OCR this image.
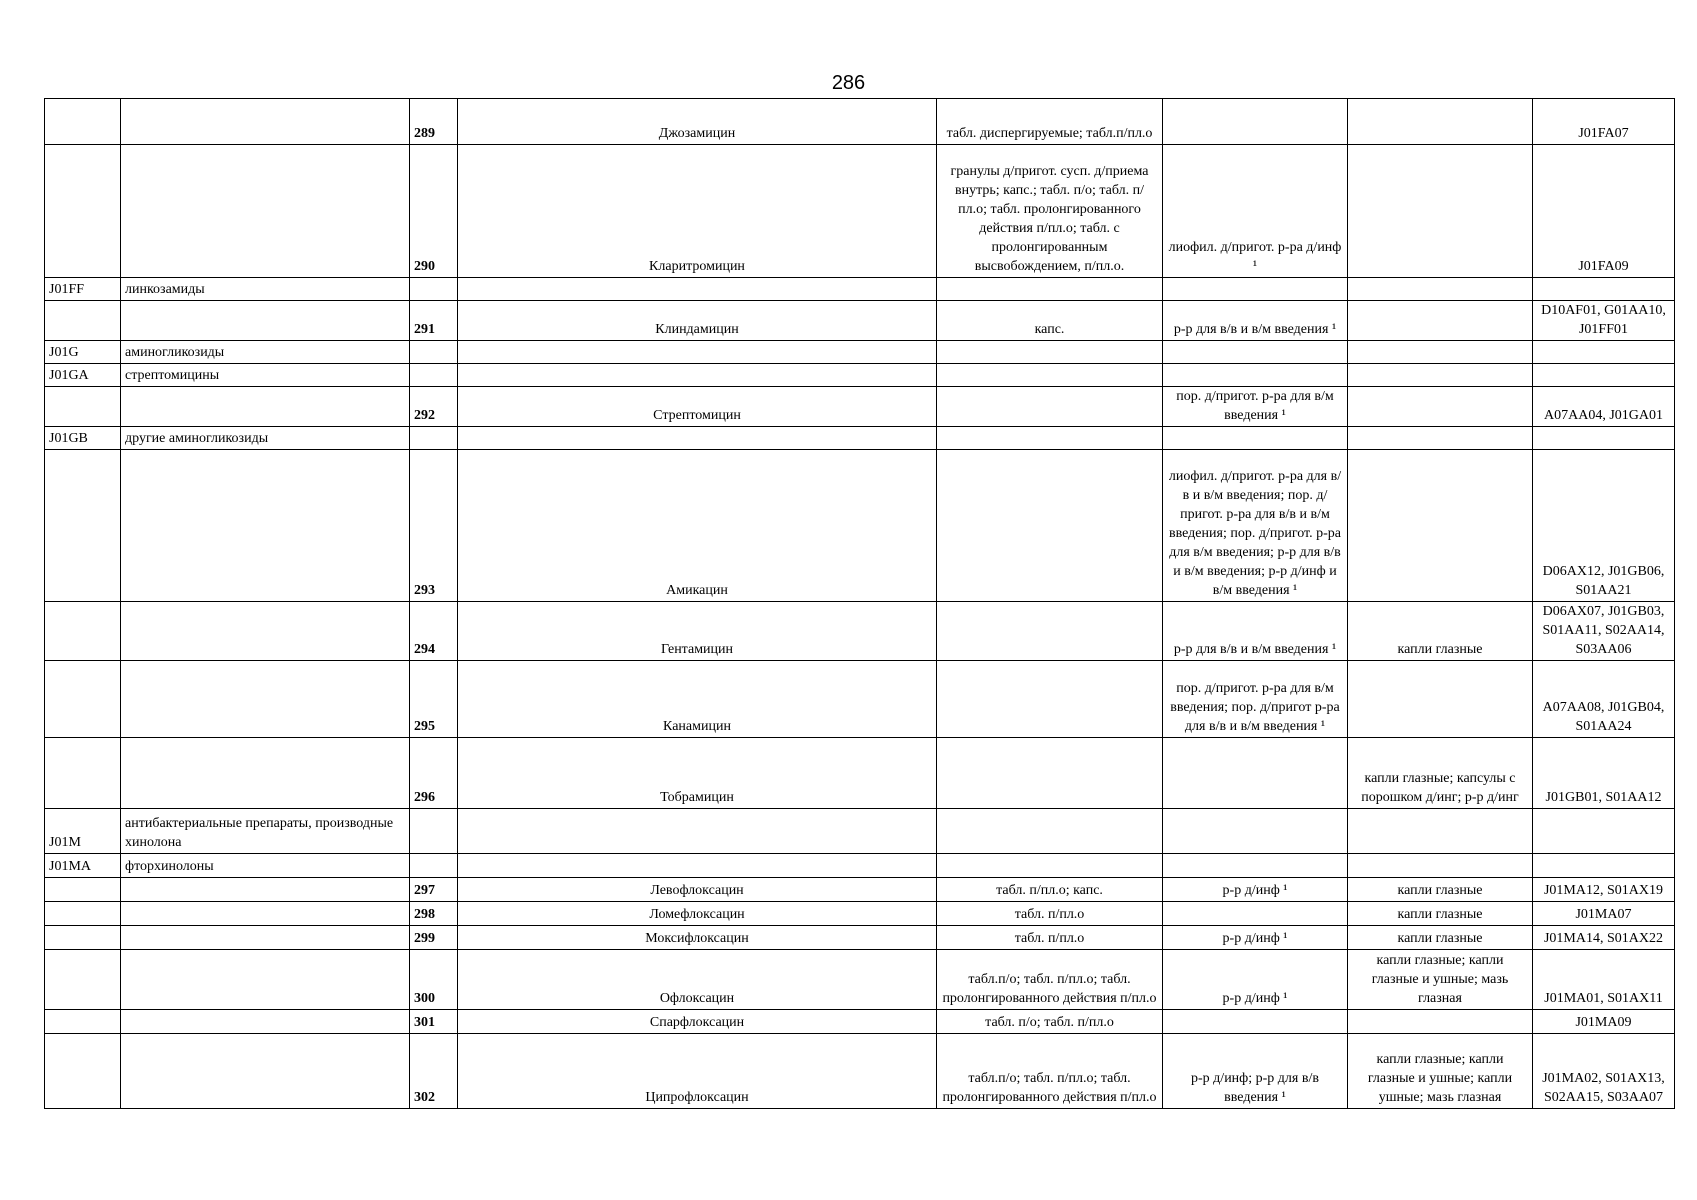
286
		289	Джозамицин	табл. диспергируемые; табл.п/пл.о			J01FA07
		290	Кларитромицин	гранулы д/пригот. сусп. д/приема внутрь; капс.; табл. п/о; табл. п/пл.о; табл. пролонгированного действия п/пл.о; табл. с пролонгированным высвобождением, п/пл.о.	лиофил. д/пригот. р-ра д/инф ¹		J01FA09
J01FF	линкозамиды						
		291	Клиндамицин	капс.	р-р для в/в и в/м введения ¹		D10AF01, G01AA10, J01FF01
J01G	аминогликозиды						
J01GA	стрептомицины						
		292	Стрептомицин		пор. д/пригот. р-ра для в/м введения ¹		A07AA04, J01GA01
J01GB	другие аминогликозиды						
		293	Амикацин		лиофил. д/пригот. р-ра для в/в и в/м введения; пор. д/пригот. р-ра для в/в и в/м введения; пор. д/пригот. р-ра для в/м введения; р-р для в/в и в/м введения; р-р д/инф и в/м введения ¹		D06AX12, J01GB06, S01AA21
		294	Гентамицин		р-р для в/в и в/м введения ¹	капли глазные	D06AX07, J01GB03, S01AA11, S02AA14, S03AA06
		295	Канамицин		пор. д/пригот. р-ра для в/м введения; пор. д/пригот р-ра для в/в и в/м введения ¹		A07AA08, J01GB04, S01AA24
		296	Тобрамицин			капли глазные; капсулы с порошком д/инг; р-р д/инг	J01GB01, S01AA12
J01M	антибактериальные препараты, производные хинолона						
J01MA	фторхинолоны						
		297	Левофлоксацин	табл. п/пл.о; капс.	р-р д/инф ¹	капли глазные	J01MA12, S01AX19
		298	Ломефлоксацин	табл. п/пл.о		капли глазные	J01MA07
		299	Моксифлоксацин	табл. п/пл.о	р-р д/инф ¹	капли глазные	J01MA14, S01AX22
		300	Офлоксацин	табл.п/о; табл. п/пл.о; табл. пролонгированного действия п/пл.о	р-р д/инф ¹	капли глазные; капли глазные и ушные; мазь глазная	J01MA01, S01AX11
		301	Спарфлоксацин	табл. п/о; табл. п/пл.о			J01MA09
		302	Ципрофлоксацин	табл.п/о; табл. п/пл.о; табл. пролонгированного действия п/пл.о	р-р д/инф; р-р для в/в введения ¹	капли глазные; капли глазные и ушные; капли ушные; мазь глазная	J01MA02, S01AX13, S02AA15, S03AA07
